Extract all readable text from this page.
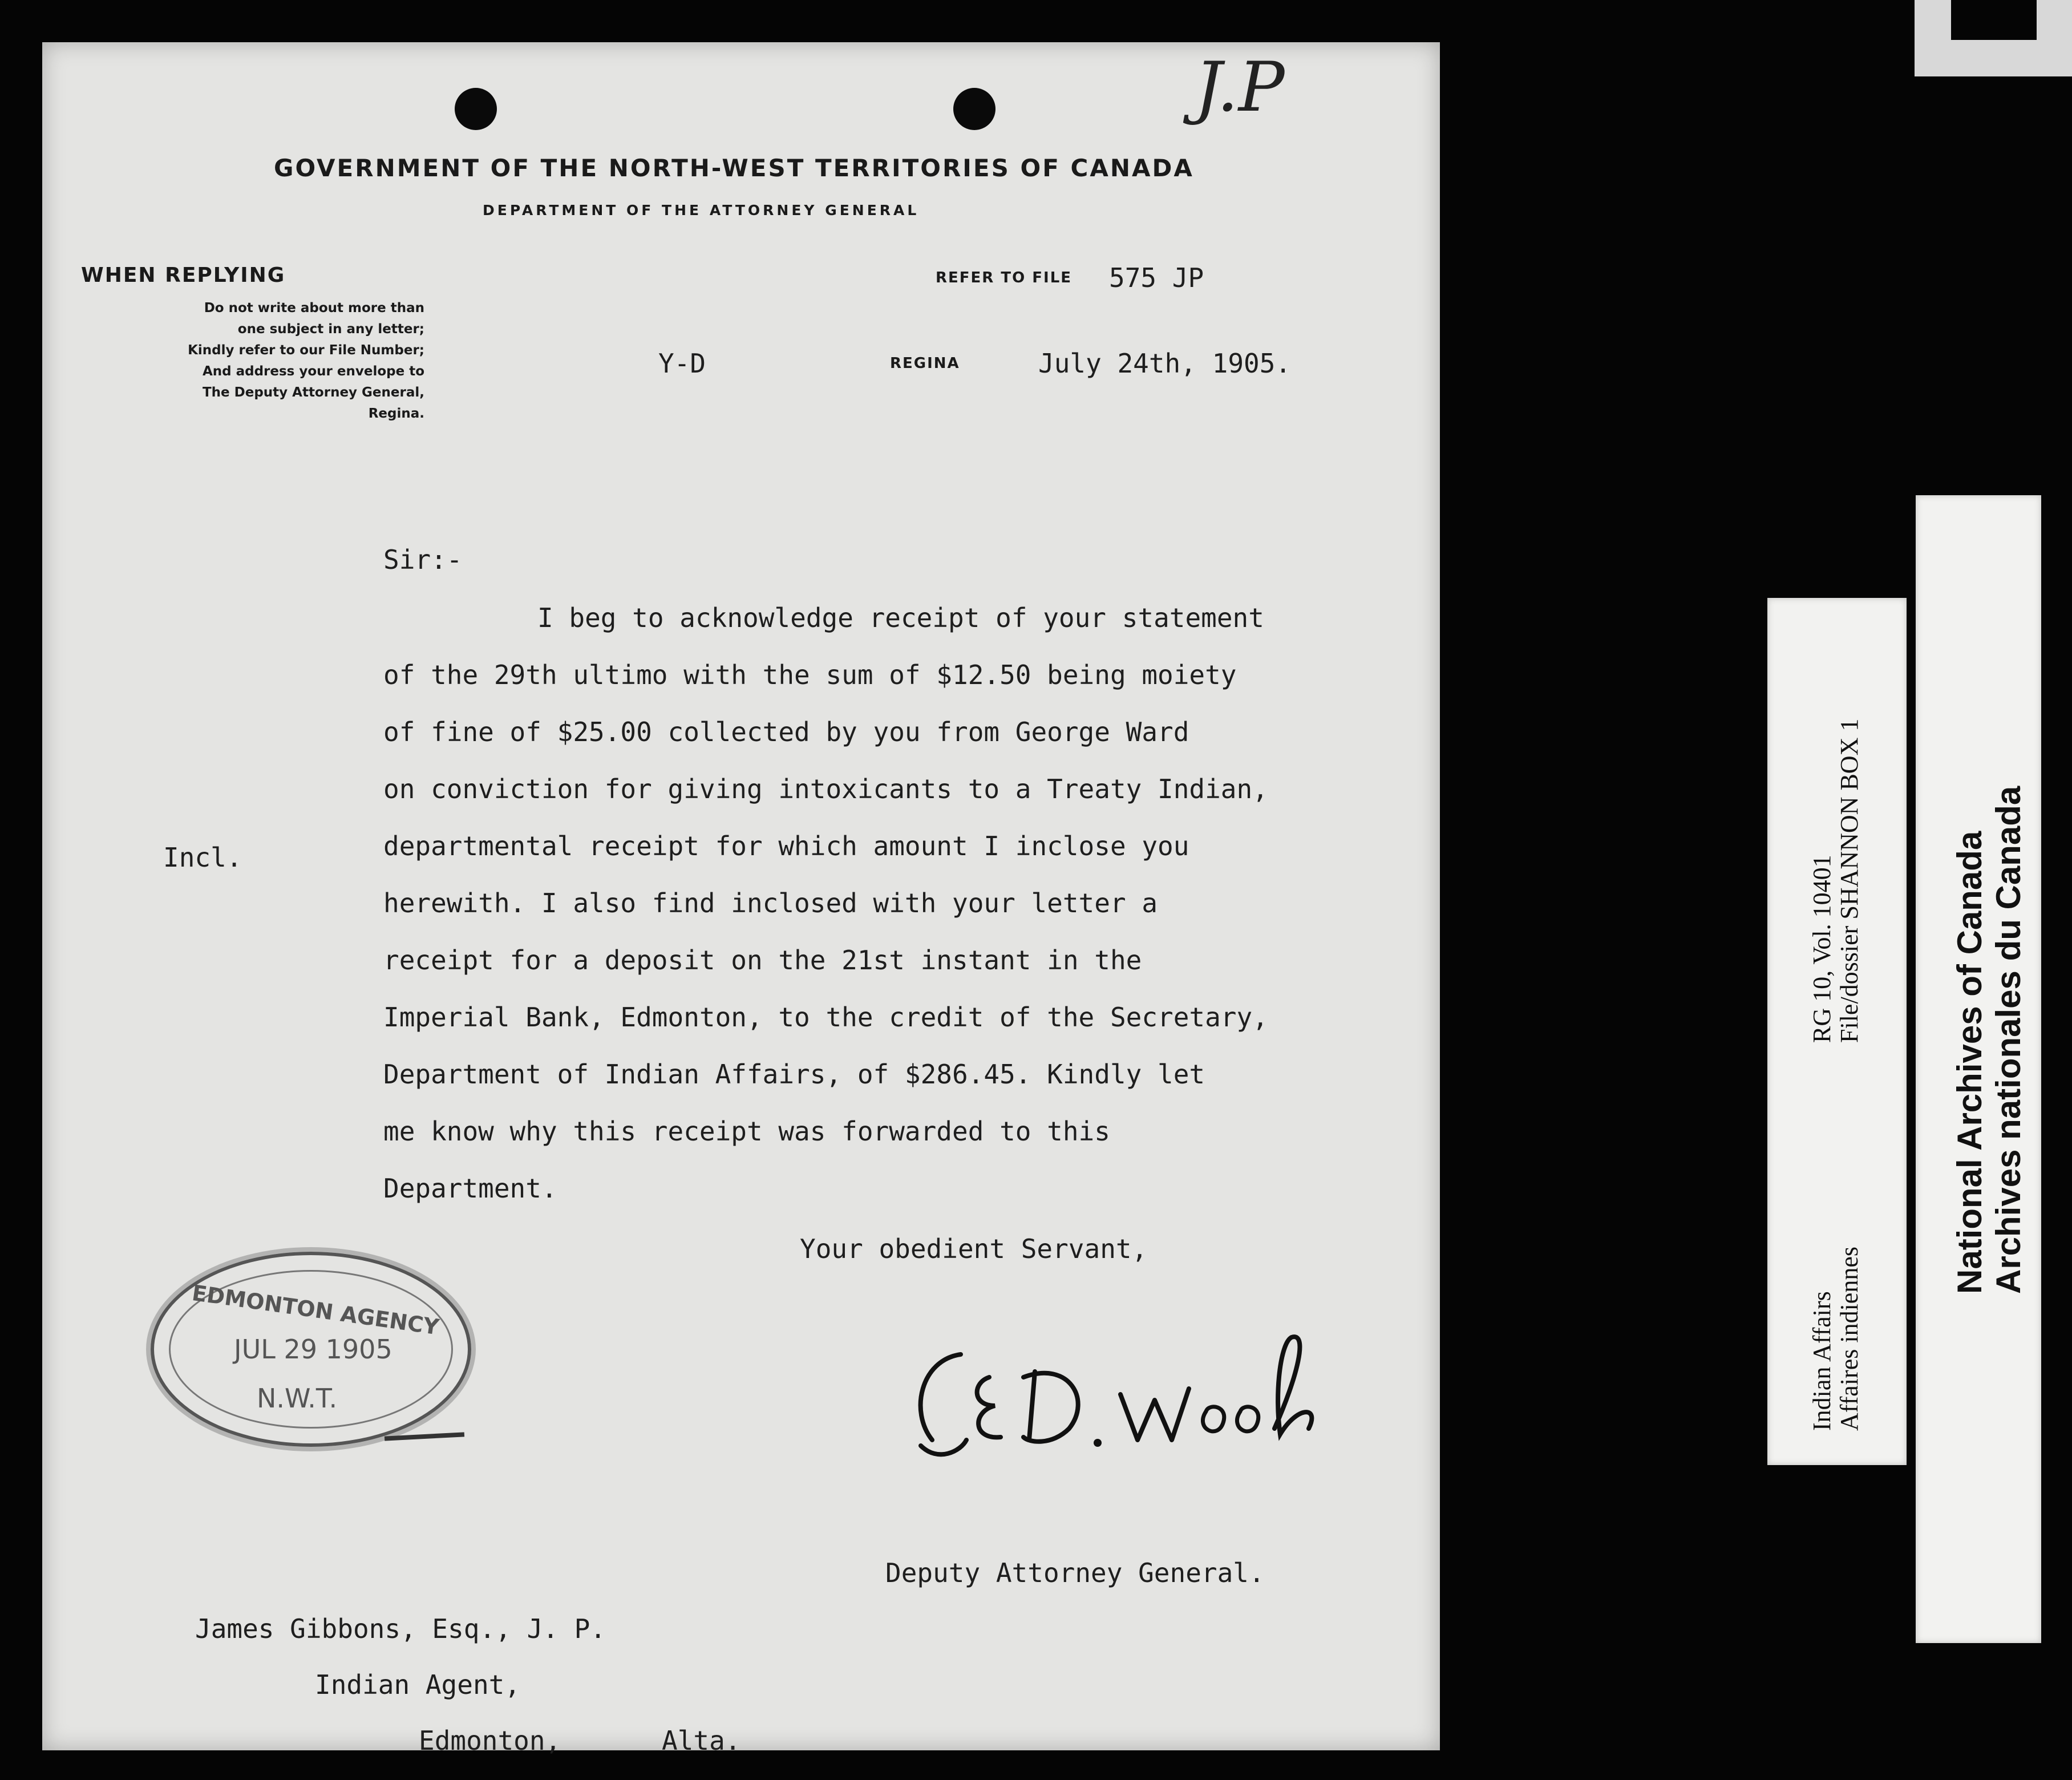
J.P
GOVERNMENT OF THE NORTH-WEST TERRITORIES OF CANADA
DEPARTMENT OF THE ATTORNEY GENERAL
WHEN REPLYING
Do not write about more than
one subject in any letter;
Kindly refer to our File Number;
And address your envelope to
The Deputy Attorney General,
Regina.
REFER TO FILE 575 JP
Y-D	REGINA	July 24th, 1905.
Sir:-
I beg to acknowledge receipt of your statement
of the 29th ultimo with the sum of $12.50 being moiety
of fine of $25.00 collected by you from George Ward
on conviction for giving intoxicants to a Treaty Indian,
departmental receipt for which amount I inclose you
herewith. I also find inclosed with your letter a
receipt for a deposit on the 21st instant in the
Imperial Bank, Edmonton, to the credit of the Secretary,
Department of Indian Affairs, of $286.45. Kindly let
me know why this receipt was forwarded to this
Department.
Incl.
Your obedient Servant,
Deputy Attorney General.
EDMONTON AGENCY
JUL 29 1905
N.W.T.
James Gibbons, Esq., J. P.
Indian Agent,
Edmonton,	Alta.
Indian Affairs Affaires indiennes
RG 10, Vol. 10401 File/dossier SHANNON BOX 1	National Archives of Canada Archives nationales du Canada
